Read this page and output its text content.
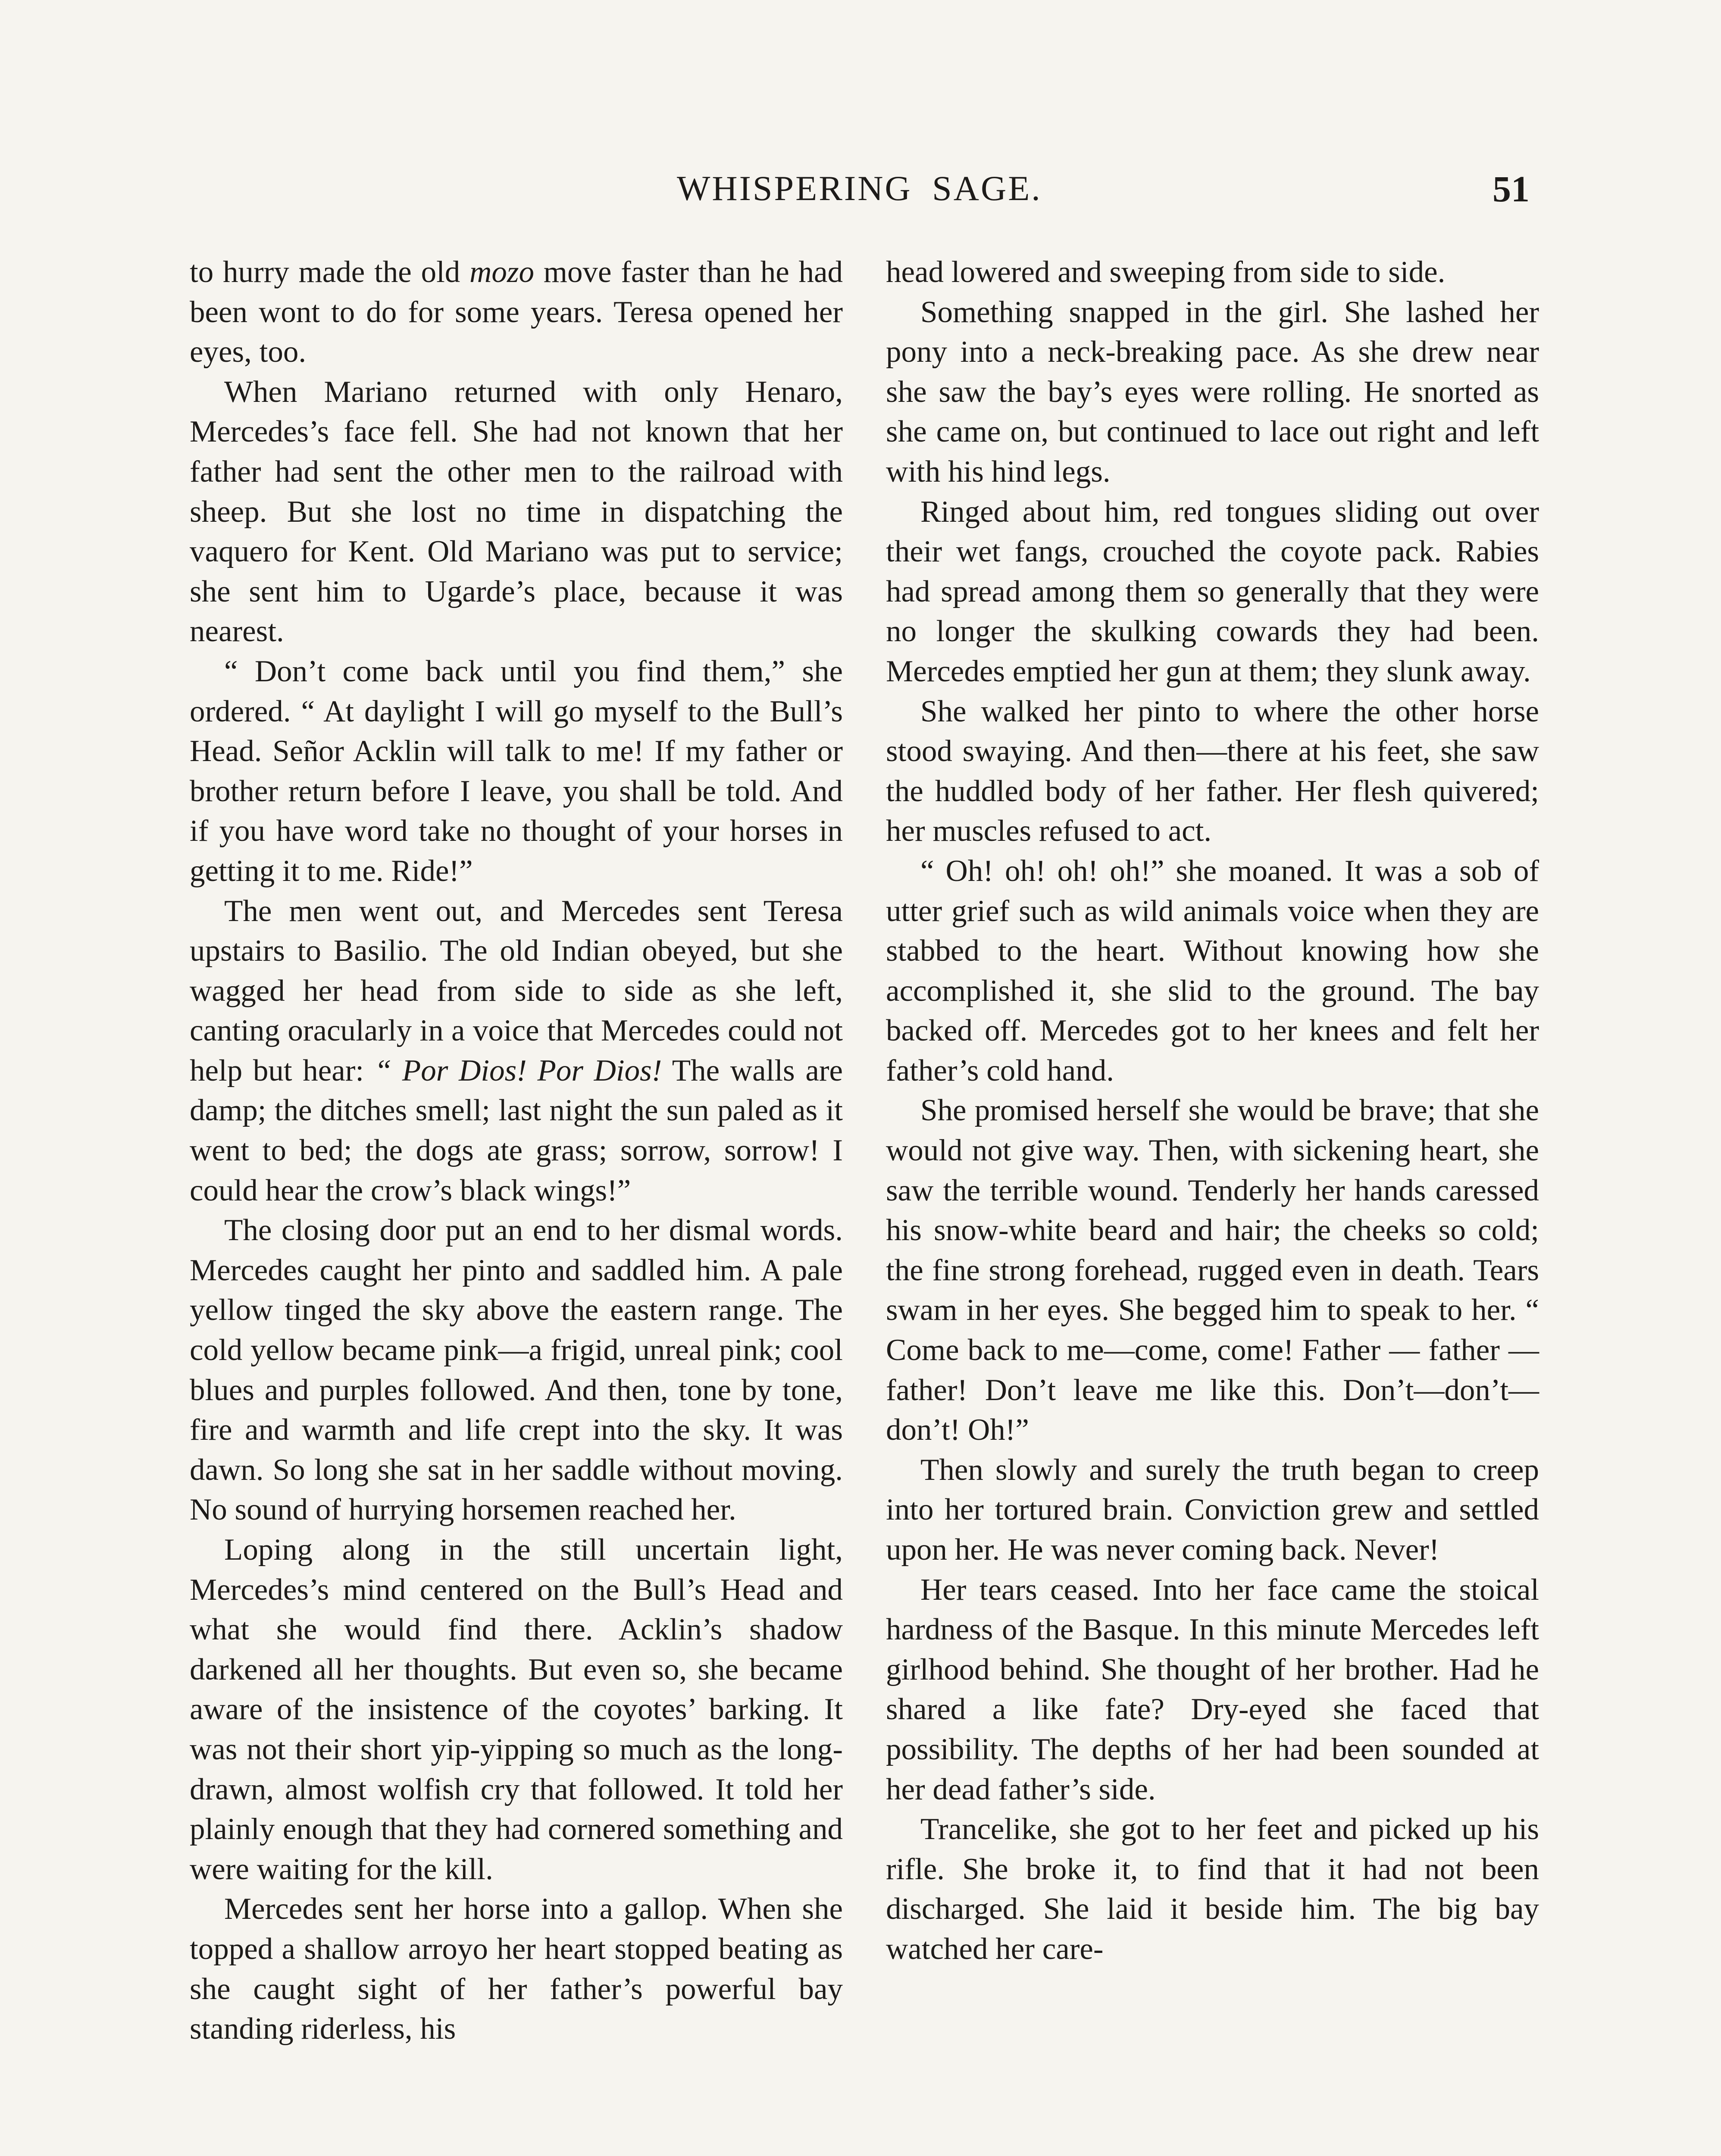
WHISPERING SAGE.	51

to hurry made the old mozo move faster than he had been wont to do for some years. Teresa opened her eyes, too.

When Mariano returned with only Henaro, Mercedes’s face fell. She had not known that her father had sent the other men to the railroad with sheep. But she lost no time in dispatching the vaquero for Kent. Old Mariano was put to service; she sent him to Ugarde’s place, because it was nearest.

“ Don’t come back until you find them,” she ordered. “ At daylight I will go myself to the Bull’s Head. Señor Acklin will talk to me! If my father or brother return before I leave, you shall be told. And if you have word take no thought of your horses in getting it to me. Ride!”

The men went out, and Mercedes sent Teresa upstairs to Basilio. The old Indian obeyed, but she wagged her head from side to side as she left, canting oracularly in a voice that Mercedes could not help but hear: “ Por Dios! Por Dios! The walls are damp; the ditches smell; last night the sun paled as it went to bed; the dogs ate grass; sorrow, sorrow! I could hear the crow’s black wings!”

The closing door put an end to her dismal words. Mercedes caught her pinto and saddled him. A pale yellow tinged the sky above the eastern range. The cold yellow became pink—a frigid, unreal pink; cool blues and purples followed. And then, tone by tone, fire and warmth and life crept into the sky. It was dawn. So long she sat in her saddle without moving. No sound of hurrying horsemen reached her.

Loping along in the still uncertain light, Mercedes’s mind centered on the Bull’s Head and what she would find there. Acklin’s shadow darkened all her thoughts. But even so, she became aware of the insistence of the coyotes’ barking. It was not their short yip-yipping so much as the long-drawn, almost wolfish cry that followed. It told her plainly enough that they had cornered something and were waiting for the kill.

Mercedes sent her horse into a gallop. When she topped a shallow arroyo her heart stopped beating as she caught sight of her father’s powerful bay standing riderless, his

head lowered and sweeping from side to side.

Something snapped in the girl. She lashed her pony into a neck-breaking pace. As she drew near she saw the bay’s eyes were rolling. He snorted as she came on, but continued to lace out right and left with his hind legs.

Ringed about him, red tongues sliding out over their wet fangs, crouched the coyote pack. Rabies had spread among them so generally that they were no longer the skulking cowards they had been. Mercedes emptied her gun at them; they slunk away.

She walked her pinto to where the other horse stood swaying. And then—there at his feet, she saw the huddled body of her father. Her flesh quivered; her muscles refused to act.

“ Oh! oh! oh! oh!” she moaned. It was a sob of utter grief such as wild animals voice when they are stabbed to the heart. Without knowing how she accomplished it, she slid to the ground. The bay backed off. Mercedes got to her knees and felt her father’s cold hand.

She promised herself she would be brave; that she would not give way. Then, with sickening heart, she saw the terrible wound. Tenderly her hands caressed his snow-white beard and hair; the cheeks so cold; the fine strong forehead, rugged even in death. Tears swam in her eyes. She begged him to speak to her. “ Come back to me—come, come! Father — father — father! Don’t leave me like this. Don’t—don’t—don’t! Oh!”

Then slowly and surely the truth began to creep into her tortured brain. Conviction grew and settled upon her. He was never coming back. Never!

Her tears ceased. Into her face came the stoical hardness of the Basque. In this minute Mercedes left girlhood behind. She thought of her brother. Had he shared a like fate? Dry-eyed she faced that possibility. The depths of her had been sounded at her dead father’s side.

Trancelike, she got to her feet and picked up his rifle. She broke it, to find that it had not been discharged. She laid it beside him. The big bay watched her care-
